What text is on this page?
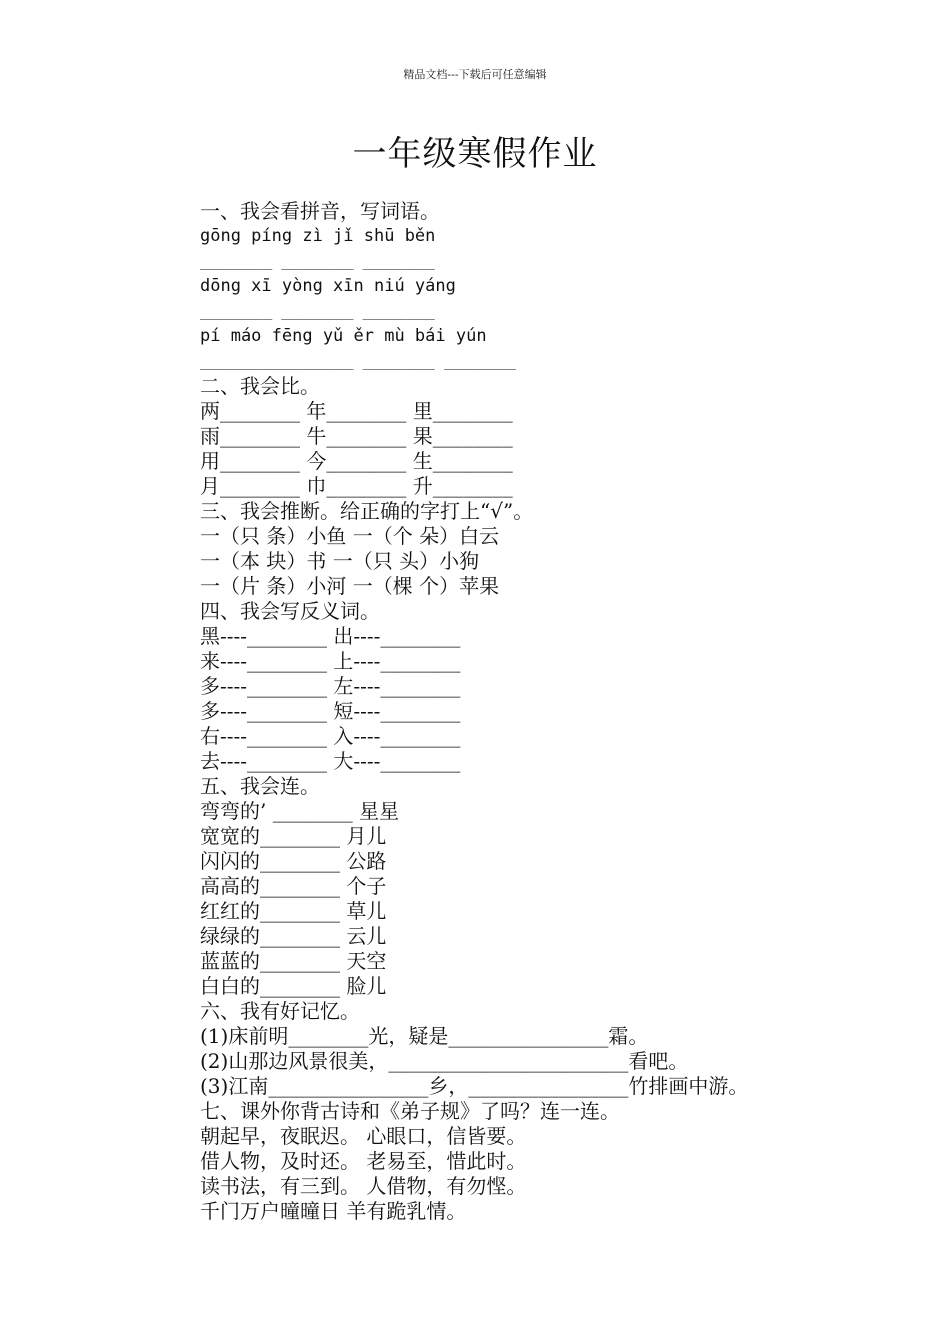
精品文档---下载后可任意编辑
一年级寒假作业
一、我会看拼音，写词语。
gōng píng zì jǐ shū běn
________ ________ ________
dōng xī yòng xīn niú yáng
________ ________ ________
pí máo fēng yǔ ěr mù bái yún
_________________ ________ ________
二、我会比。
两________ 年________ 里________
雨________ 牛________ 果________
用________ 今________ 生________
月________ 巾________ 升________
三、我会推断。给正确的字打上“√”。
一（只 条）小鱼 一（个 朵）白云
一（本 块）书 一（只 头）小狗
一（片 条）小河 一（棵 个）苹果
四、我会写反义词。
黑----________ 出----________
来----________ 上----________
多----________ 左----________
多----________ 短----________
右----________ 入----________
去----________ 大----________
五、我会连。
弯弯的’ ________ 星星
宽宽的________ 月儿
闪闪的________ 公路
高高的________ 个子
红红的________ 草儿
绿绿的________ 云儿
蓝蓝的________ 天空
白白的________ 脸儿
六、我有好记忆。
(1)床前明________光，疑是________________霜。
(2)山那边风景很美，________________________看吧。
(3)江南________________乡，________________竹排画中游。
七、课外你背古诗和《弟子规》了吗？连一连。
朝起早，夜眠迟。 心眼口，信皆要。
借人物，及时还。 老易至，惜此时。
读书法，有三到。 人借物，有勿悭。
千门万户曈曈日 羊有跪乳情。
